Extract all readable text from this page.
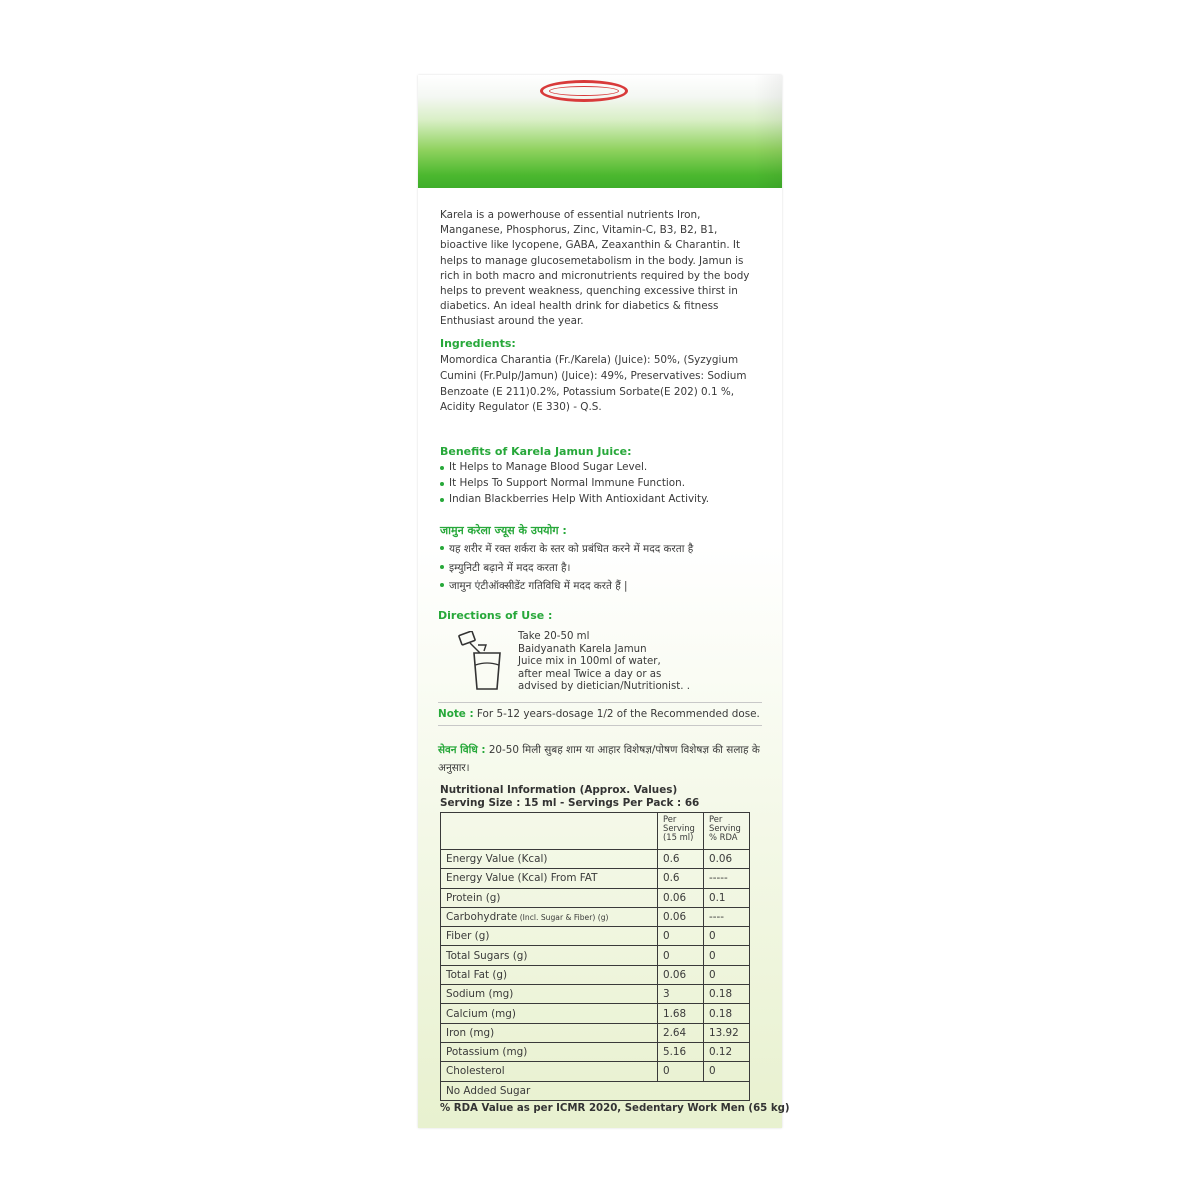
Karela is a powerhouse of essential nutrients Iron, Manganese, Phosphorus, Zinc, Vitamin-C, B3, B2, B1, bioactive like lycopene, GABA, Zeaxanthin & Charantin. It helps to manage glucosemetabolism in the body. Jamun is rich in both macro and micronutrients required by the body helps to prevent weakness, quenching excessive thirst in diabetics. An ideal health drink for diabetics & fitness Enthusiast around the year.
Ingredients:
Momordica Charantia (Fr./Karela) (Juice): 50%, (Syzygium Cumini (Fr.Pulp/Jamun) (Juice): 49%, Preservatives: Sodium Benzoate (E 211)0.2%, Potassium Sorbate(E 202) 0.1 %, Acidity Regulator (E 330) - Q.S.
Benefits of Karela Jamun Juice:
It Helps to Manage Blood Sugar Level.
It Helps To Support Normal Immune Function.
Indian Blackberries Help With Antioxidant Activity.
जामुन करेला ज्यूस के उपयोग :
यह शरीर में रक्त शर्करा के स्तर को प्रबंधित करने में मदद करता है
इम्युनिटी बढ़ाने में मदद करता है।
जामुन एंटीऑक्सीडेंट गतिविधि में मदद करते हैं |
Directions of Use :
Take 20-50 ml
Baidyanath Karela Jamun
Juice mix in 100ml of water,
after meal Twice a day or as
advised by dietician/Nutritionist. .
Note : For 5-12 years-dosage 1/2 of the Recommended dose.
सेवन विधि : 20-50 मिली सुबह शाम या आहार विशेषज्ञ/पोषण विशेषज्ञ की सलाह के अनुसार।
Nutritional Information (Approx. Values)
Serving Size : 15 ml - Servings Per Pack : 66
	Per
Serving
(15 ml)	Per
Serving
% RDA
Energy Value (Kcal)	0.6	0.06
Energy Value (Kcal) From FAT	0.6	-----
Protein (g)	0.06	0.1
Carbohydrate (Incl. Sugar & Fiber) (g)	0.06	----
Fiber (g)	0	0
Total Sugars (g)	0	0
Total Fat (g)	0.06	0
Sodium (mg)	3	0.18
Calcium (mg)	1.68	0.18
Iron (mg)	2.64	13.92
Potassium (mg)	5.16	0.12
Cholesterol	0	0
No Added Sugar		
% RDA Value as per ICMR 2020, Sedentary Work Men (65 kg)
